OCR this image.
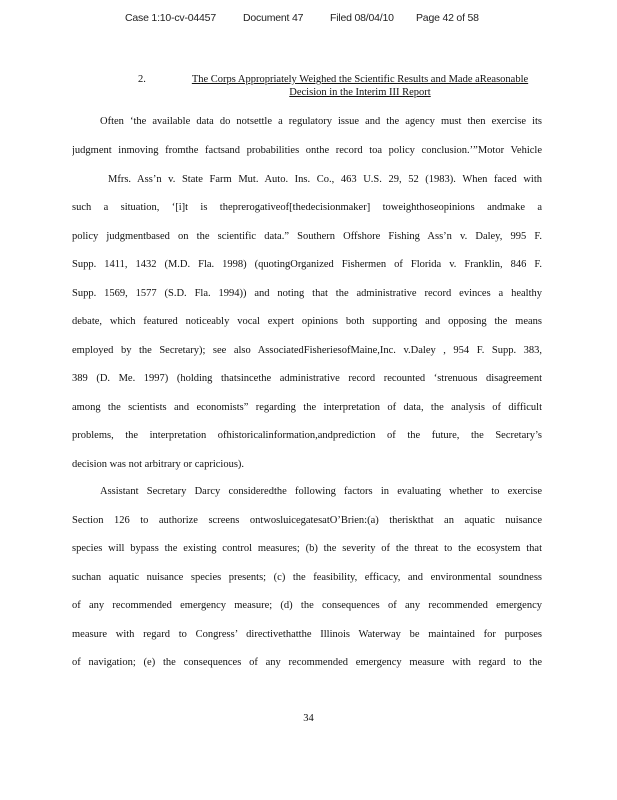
Case 1:10-cv-04457	Document 47	Filed 08/04/10 Page 42 of 58
2.	The Corps Appropriately Weighed the Scientific Results and Made aReasonable
Decision in the Interim III Report
Often ‘the available data do notsettle a regulatory issue and the agency must then exercise its
judgment inmoving fromthe factsand probabilities onthe record toa policy conclusion.’”Motor Vehicle
Mfrs. Ass’n v. State Farm Mut. Auto. Ins. Co., 463 U.S. 29, 52 (1983). When faced with
such a situation, ‘[i]t is theprerogativeof[thedecisionmaker] toweighthoseopinions andmake a
policy judgmentbased on the scientific data.” Southern Offshore Fishing Ass’n v. Daley, 995 F.
Supp. 1411, 1432 (M.D. Fla. 1998) (quotingOrganized Fishermen of Florida v. Franklin, 846 F.
Supp. 1569, 1577 (S.D. Fla. 1994)) and noting that the administrative record evinces a healthy
debate, which featured noticeably vocal expert opinions both supporting and opposing the means
employed by the Secretary); see also AssociatedFisheriesofMaine,Inc. v.Daley , 954 F. Supp. 383,
389 (D. Me. 1997) (holding thatsincethe administrative record recounted ‘strenuous disagreement
among the scientists and economists” regarding the interpretation of data, the analysis of difficult
problems, the interpretation ofhistoricalinformation,andprediction of the future, the Secretary’s
decision was not arbitrary or capricious).
Assistant Secretary Darcy consideredthe following factors in evaluating whether to exercise
Section 126 to authorize screens ontwosluicegatesatO’Brien:(a) theriskthat an aquatic nuisance
species will bypass the existing control measures; (b) the severity of the threat to the ecosystem that
suchan aquatic nuisance species presents; (c) the feasibility, efficacy, and environmental soundness
of any recommended emergency measure; (d) the consequences of any recommended emergency
measure with regard to Congress’ directivethatthe Illinois Waterway be maintained for purposes
of navigation; (e) the consequences of any recommended emergency measure with regard to the
34
